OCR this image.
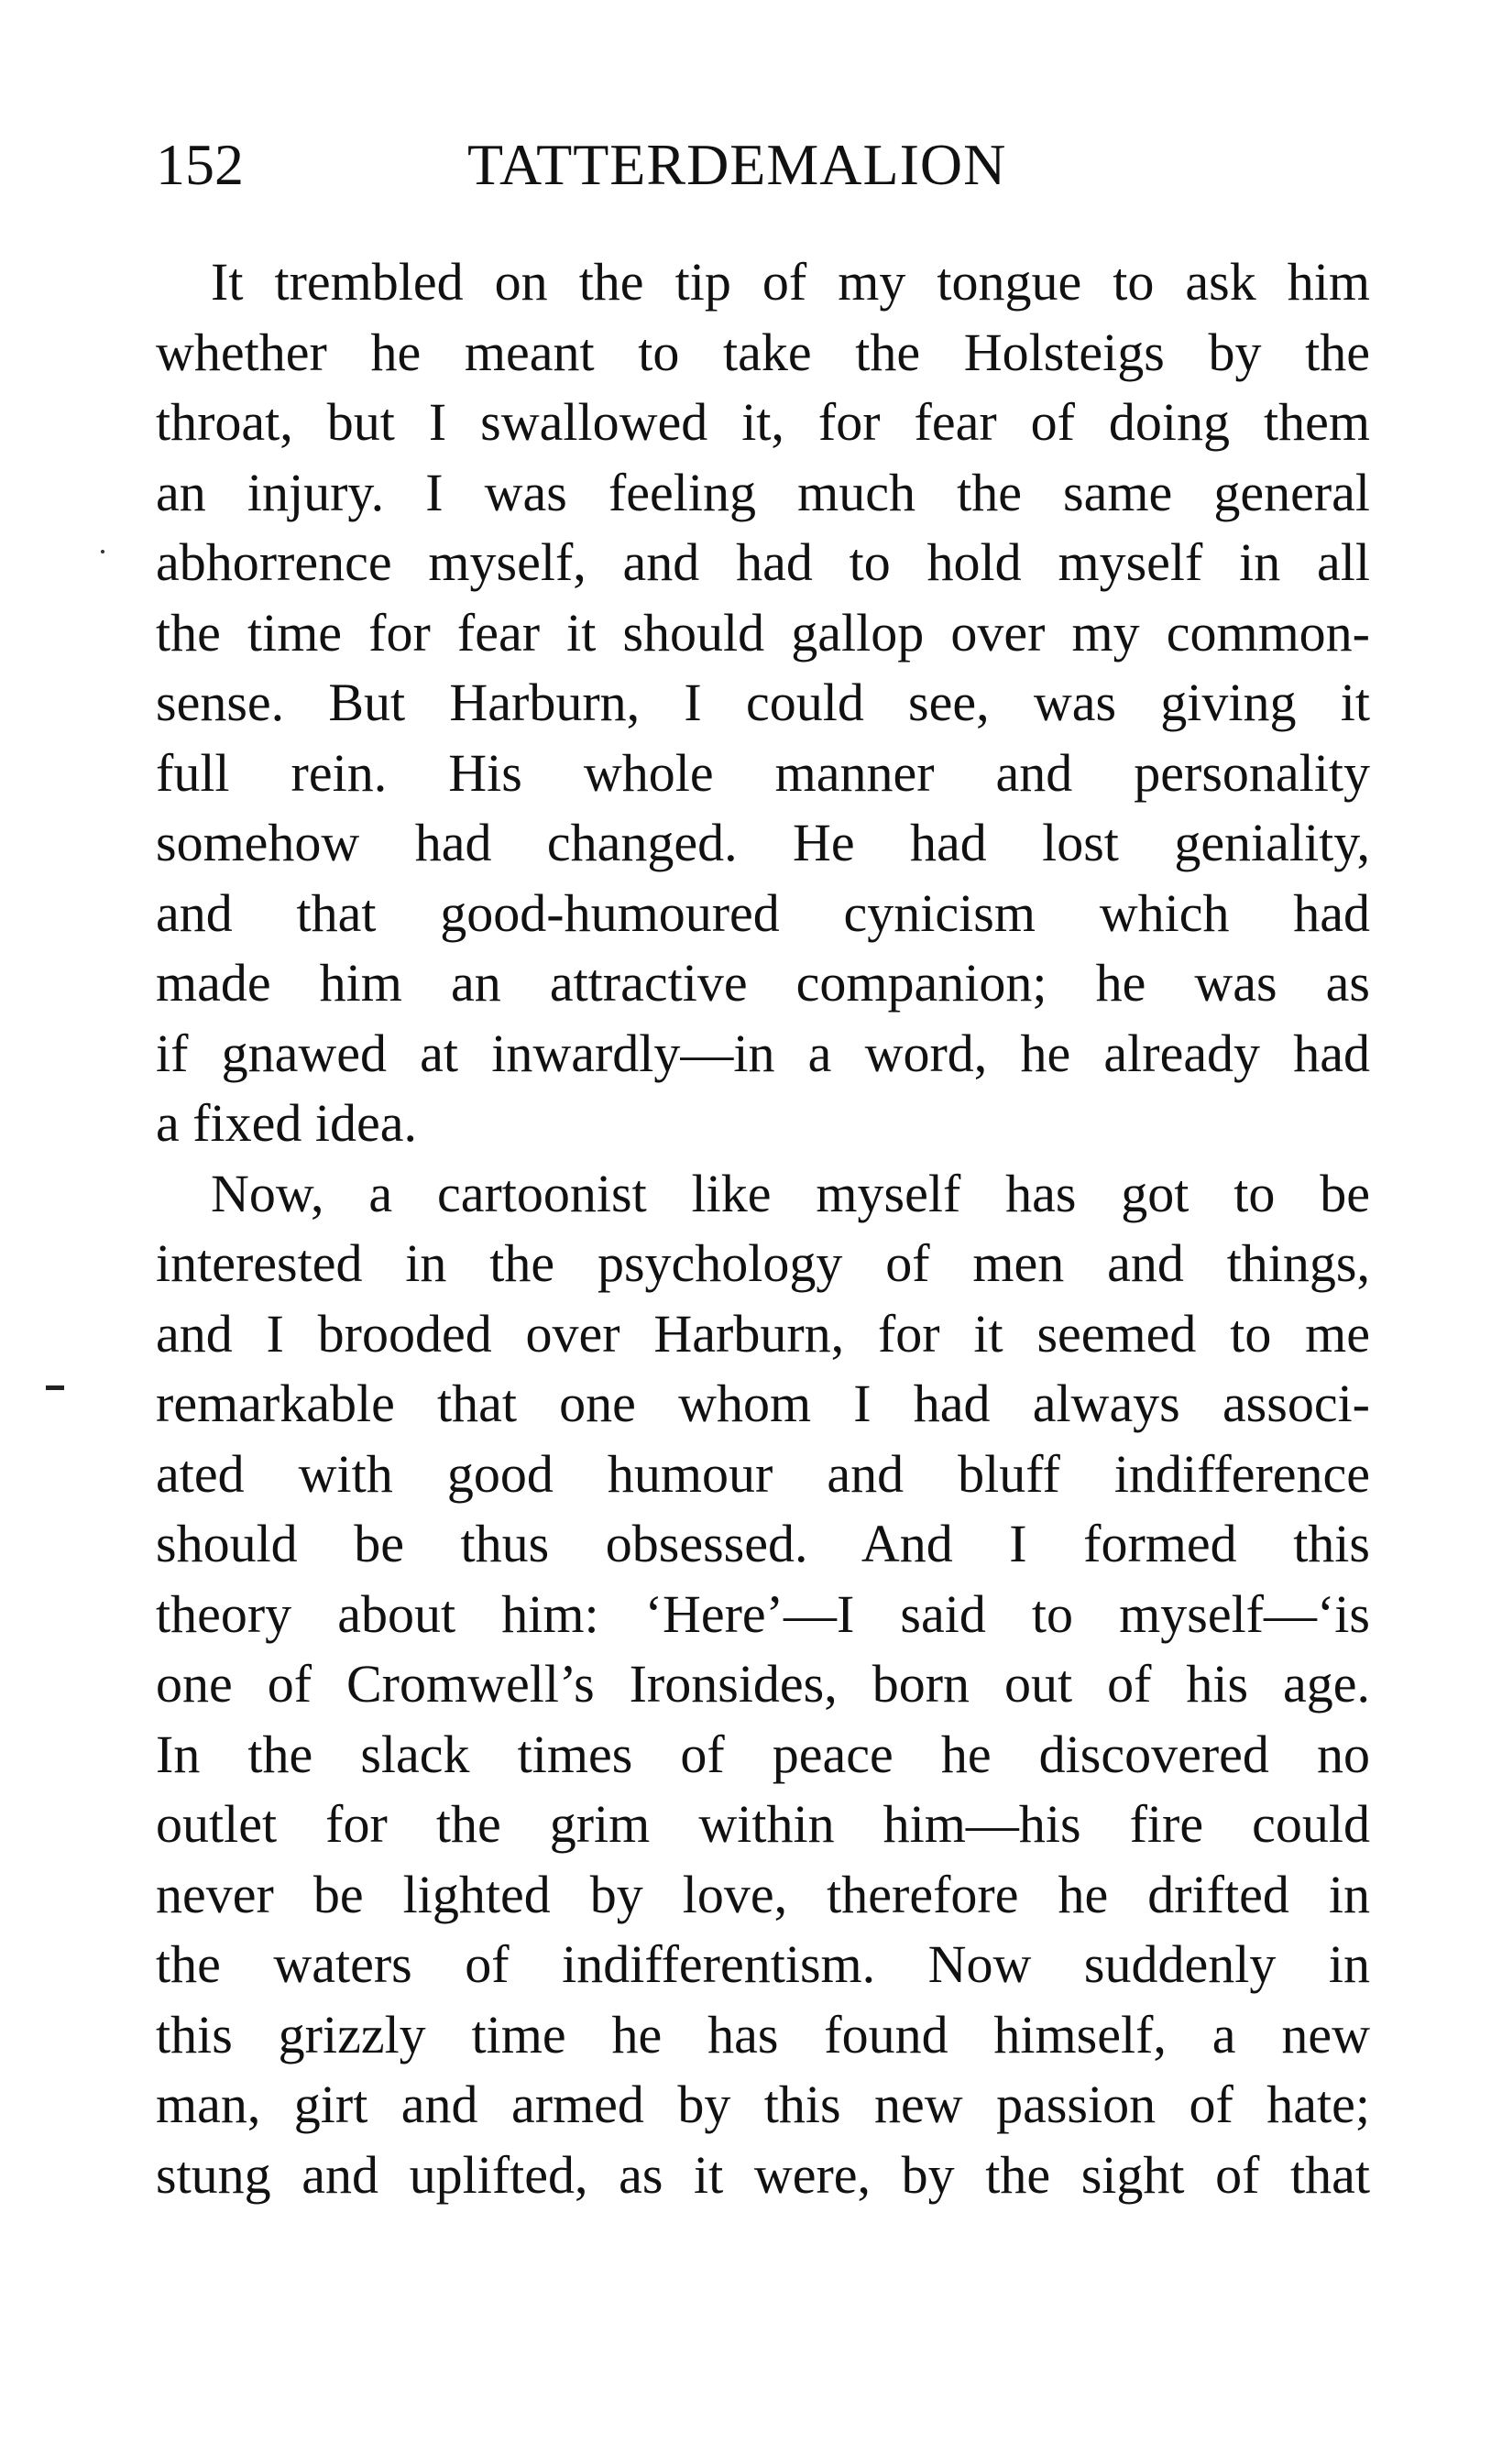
152	TATTERDEMALION
It trembled on the tip of my tongue to ask him
whether he meant to take the Holsteigs by the
throat, but I swallowed it, for fear of doing them
an injury. I was feeling much the same general
abhorrence myself, and had to hold myself in all
the time for fear it should gallop over my common-
sense. But Harburn, I could see, was giving it
full rein. His whole manner and personality
somehow had changed. He had lost geniality,
and that good-humoured cynicism which had
made him an attractive companion; he was as
if gnawed at inwardly—in a word, he already had
a fixed idea.
Now, a cartoonist like myself has got to be
interested in the psychology of men and things,
and I brooded over Harburn, for it seemed to me
remarkable that one whom I had always associ-
ated with good humour and bluff indifference
should be thus obsessed. And I formed this
theory about him: ‘Here’—I said to myself—‘is
one of Cromwell’s Ironsides, born out of his age.
In the slack times of peace he discovered no
outlet for the grim within him—his fire could
never be lighted by love, therefore he drifted in
the waters of indifferentism. Now suddenly in
this grizzly time he has found himself, a new
man, girt and armed by this new passion of hate;
stung and uplifted, as it were, by the sight of that
